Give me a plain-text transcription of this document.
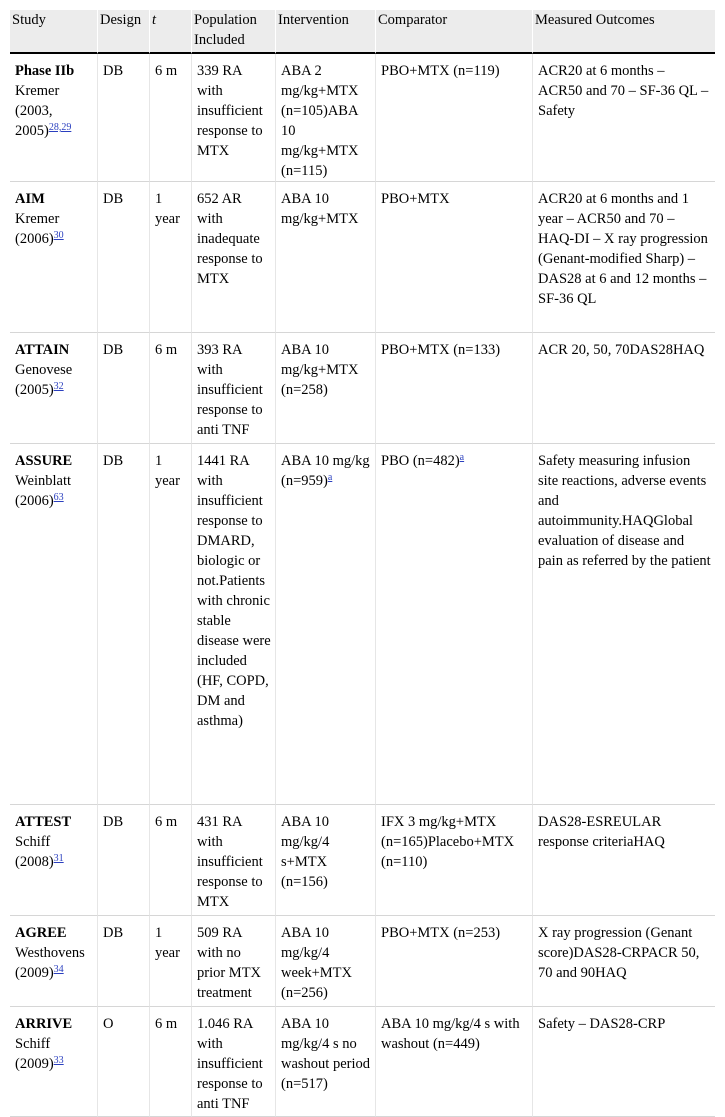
Study	Design	t	Population Included	Intervention	Comparator	Measured Outcomes

Phase IIb
Kremer (2003, 2005)$^{28,29}$	DB	6 m	339 RA with insufficient response to MTX	ABA 2 mg/kg+MTX (n=105)ABA 10 mg/kg+MTX (n=115)	PBO+MTX (n=119)	ACR20 at 6 months – ACR50 and 70 – SF-36 QL – Safety

AIM
Kremer $(2006)^{30}$	DB	1 year	652 AR with inadequate response to MTX	ABA 10 mg/kg+MTX	PBO+MTX	ACR20 at 6 months and 1 year – ACR50 and 70 – HAQ-DI – X ray progression (Genant-modified Sharp) – DAS28 at 6 and 12 months – SF-36 QL

ATTAIN
Genovese $(2005)^{32}$	DB	6 m	393 RA with insufficient response to anti TNF	ABA 10 mg/kg+MTX (n=258)	PBO+MTX (n=133)	ACR 20, 50, 70DAS28HAQ

ASSURE
Weinblatt $(2006)^{63}$	DB	1 year	1441 RA with insufficient response to DMARD, biologic or not.Patients with chronic stable disease were included (HF, COPD, DM and asthma)	ABA 10 mg/kg (n=959)$^a$	PBO (n=482)$^a$	Safety measuring infusion site reactions, adverse events and autoimmunity.HAQGlobal evaluation of disease and pain as referred by the patient

ATTEST
Schiff $(2008)^{31}$	DB	6 m	431 RA with insufficient response to MTX	ABA 10 mg/kg/4 s+MTX (n=156)	IFX 3 mg/kg+MTX (n=165)Placebo+MTX (n=110)	DAS28-ESREULAR response criteriaHAQ

AGREE
Westhovens $(2009)^{34}$	DB	1 year	509 RA with no prior MTX treatment	ABA 10 mg/kg/4 week+MTX (n=256)	PBO+MTX (n=253)	X ray progression (Genant score)DAS28-CRPACR 50, 70 and 90HAQ

ARRIVE
Schiff $(2009)^{33}$	O	6 m	1.046 RA with insufficient response to anti TNF	ABA 10 mg/kg/4 s no washout period (n=517)	ABA 10 mg/kg/4 s with washout (n=449)	Safety – DAS28-CRP
